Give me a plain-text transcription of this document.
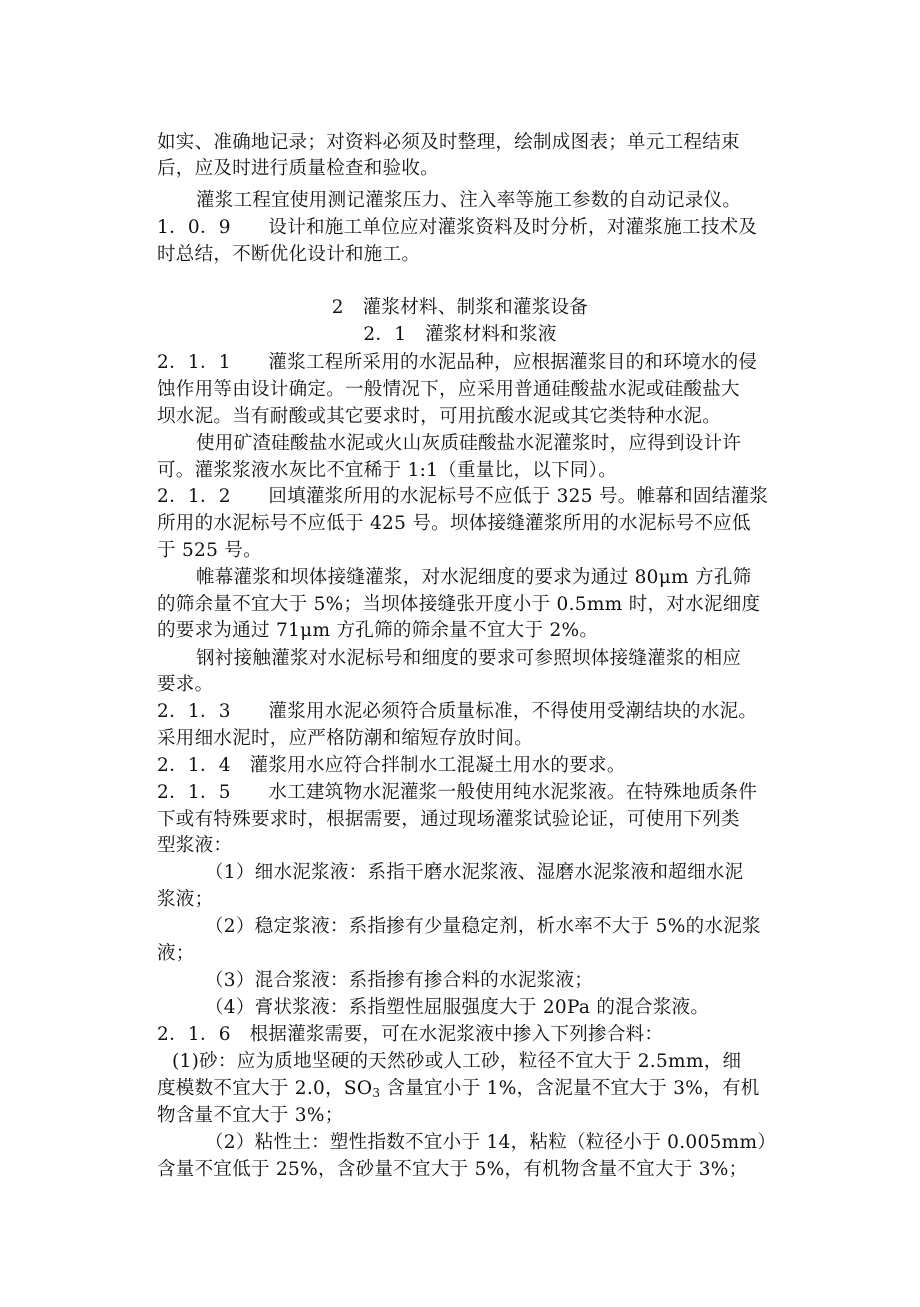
如实、准确地记录；对资料必须及时整理，绘制成图表；单元工程结束
后，应及时进行质量检查和验收。
灌浆工程宜使用测记灌浆压力、注入率等施工参数的自动记录仪。
1．0．9　　设计和施工单位应对灌浆资料及时分析，对灌浆施工技术及
时总结，不断优化设计和施工。
2　灌浆材料、制浆和灌浆设备
2．1　灌浆材料和浆液
2．1．1　　灌浆工程所采用的水泥品种，应根据灌浆目的和环境水的侵
蚀作用等由设计确定。一般情况下，应采用普通硅酸盐水泥或硅酸盐大
坝水泥。当有耐酸或其它要求时，可用抗酸水泥或其它类特种水泥。
使用矿渣硅酸盐水泥或火山灰质硅酸盐水泥灌浆时，应得到设计许
可。灌浆浆液水灰比不宜稀于 1:1（重量比，以下同）。
2．1．2　　回填灌浆所用的水泥标号不应低于 325 号。帷幕和固结灌浆
所用的水泥标号不应低于 425 号。坝体接缝灌浆所用的水泥标号不应低
于 525 号。
帷幕灌浆和坝体接缝灌浆，对水泥细度的要求为通过 80μm 方孔筛
的筛余量不宜大于 5%；当坝体接缝张开度小于 0.5mm 时，对水泥细度
的要求为通过 71μm 方孔筛的筛余量不宜大于 2%。
钢衬接触灌浆对水泥标号和细度的要求可参照坝体接缝灌浆的相应
要求。
2．1．3　　灌浆用水泥必须符合质量标准，不得使用受潮结块的水泥。
采用细水泥时，应严格防潮和缩短存放时间。
2．1．4　灌浆用水应符合拌制水工混凝土用水的要求。
2．1．5　　水工建筑物水泥灌浆一般使用纯水泥浆液。在特殊地质条件
下或有特殊要求时，根据需要，通过现场灌浆试验论证，可使用下列类
型浆液：
（1）细水泥浆液：系指干磨水泥浆液、湿磨水泥浆液和超细水泥
浆液；
（2）稳定浆液：系指掺有少量稳定剂，析水率不大于 5%的水泥浆
液；
（3）混合浆液：系指掺有掺合料的水泥浆液；
（4）膏状浆液：系指塑性屈服强度大于 20Pa 的混合浆液。
2．1．6　根据灌浆需要，可在水泥浆液中掺入下列掺合料：
(1)砂：应为质地坚硬的天然砂或人工砂，粒径不宜大于 2.5mm，细
度模数不宜大于 2.0，$SO_3$ 含量宜小于 1%，含泥量不宜大于 3%，有机
物含量不宜大于 3%；
（2）粘性土：塑性指数不宜小于 14，粘粒（粒径小于 0.005mm）
含量不宜低于 25%，含砂量不宜大于 5%，有机物含量不宜大于 3%；
